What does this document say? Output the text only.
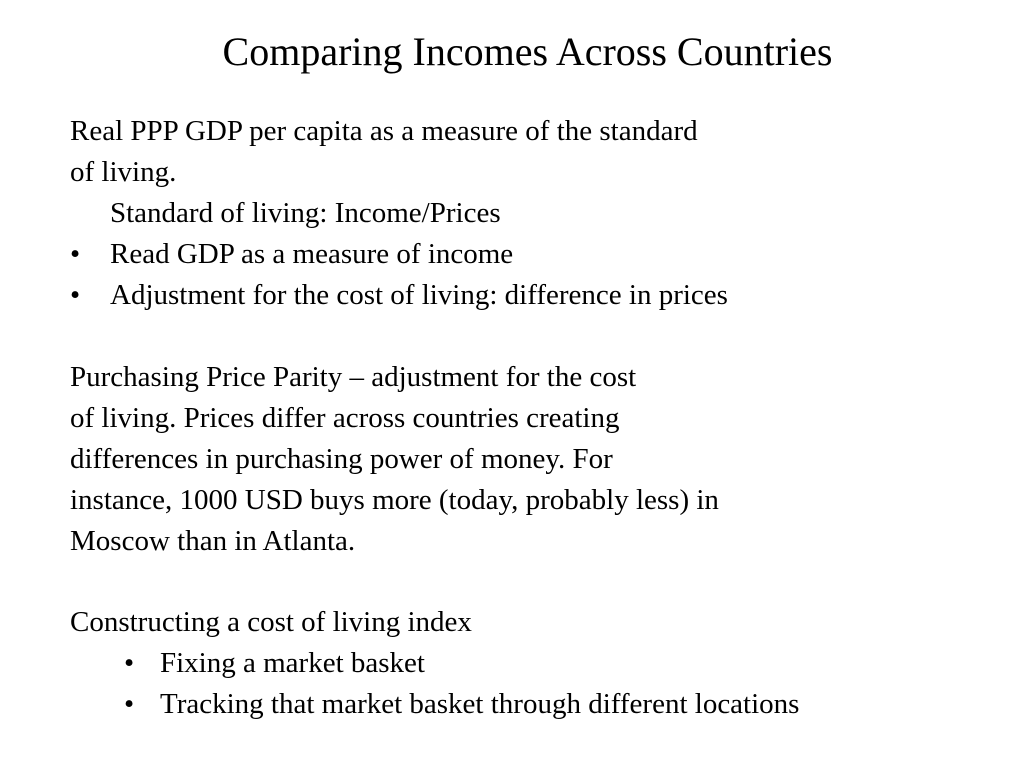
Comparing Incomes Across Countries
Real PPP GDP per capita as a measure of the standard
of living.
Standard of living: Income/Prices
• Read GDP as a measure of income
• Adjustment for the cost of living: difference in prices
Purchasing Price Parity – adjustment for the cost
of living. Prices differ across countries creating
differences in purchasing power of money. For
instance, 1000 USD buys more (today, probably less) in
Moscow than in Atlanta.
Constructing a cost of living index
• Fixing a market basket
• Tracking that market basket through different locations
